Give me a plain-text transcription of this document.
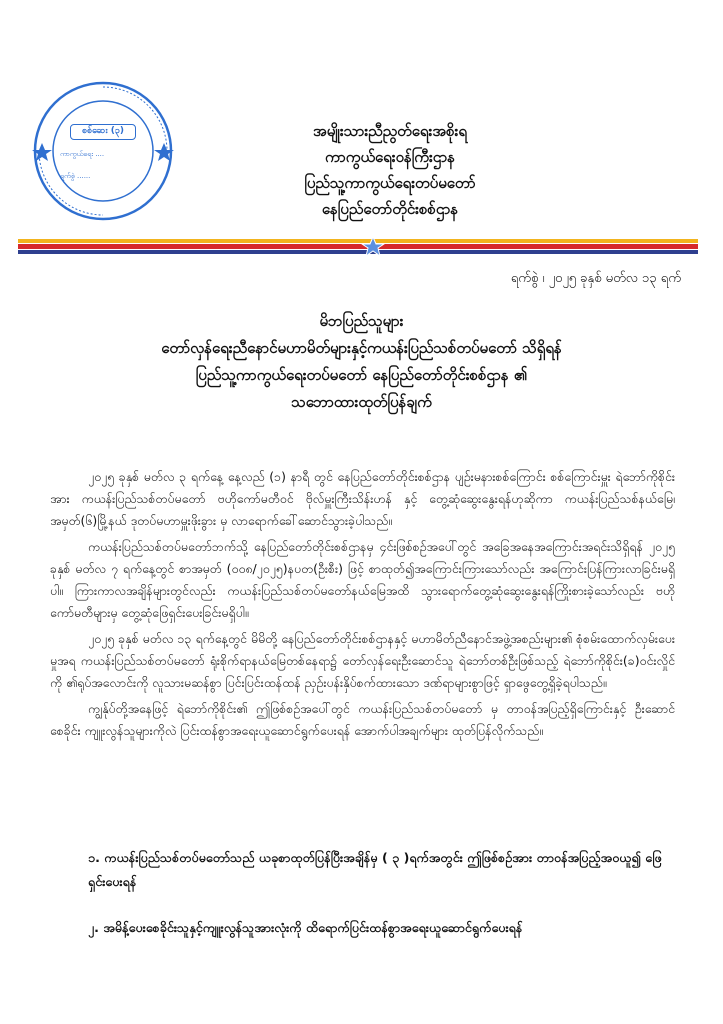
စစ်ဆေး (၃)
ကာကွယ်ရေး ....
ရက်စွဲ ......
အမျိုးသားညီညွတ်ရေးအစိုးရ
ကာကွယ်ရေးဝန်ကြီးဌာန
ပြည်သူ့ကာကွယ်ရေးတပ်မတော်
နေပြည်တော်တိုင်းစစ်ဌာန
ရက်စွဲ ၊ ၂၀၂၅ ခုနှစ် မတ်လ ၁၃ ရက်
မိဘပြည်သူများ
တော်လှန်ရေးညီနောင်မဟာမိတ်များနှင့်ကယန်းပြည်သစ်တပ်မတော် သိရှိရန်
ပြည်သူ့ကာကွယ်ရေးတပ်မတော် နေပြည်တော်တိုင်းစစ်ဌာန ၏
သဘောထားထုတ်ပြန်ချက်

၂၀၂၅ ခုနှစ် မတ်လ ၃ ရက်နေ့ နေ့လည် (၁) နာရီ တွင် နေပြည်တော်တိုင်းစစ်ဌာန ပျဉ်းမနားစစ်ကြောင်း စစ်ကြောင်းမှူး ရဲဘော်ကိုစိုင်း အား ကယန်းပြည်သစ်တပ်မတော် ဗဟိုကော်မတီဝင် ဗိုလ်မှူးကြီးသိန်းဟန် နှင့် တွေ့ဆုံဆွေးနွေးရန်ဟုဆိုကာ ကယန်းပြည်သစ်နယ်မြေ၊ အမှတ်(၆)မြို့နယ် ဒုတပ်မဟာမှူးဖိုးခွား မှ လာရောက်ခေါ်ဆောင်သွားခဲ့ပါသည်။

ကယန်းပြည်သစ်တပ်မတော်ဘက်သို့ နေပြည်တော်တိုင်းစစ်ဌာနမှ ၄င်းဖြစ်စဉ်အပေါ်တွင် အခြေအနေအကြောင်းအရင်းသိရှိရန် ၂၀၂၅ ခုနှစ် မတ်လ ၇ ရက်နေ့တွင် စာအမှတ် (၀၀၈/၂၀၂၅)နပတ(ဦးစီး) ဖြင့် စာထုတ်၍အကြောင်းကြားသော်လည်း အကြောင်းပြန်ကြားလာခြင်းမရှိပါ။ ကြားကာလအချိန်များတွင်လည်း ကယန်းပြည်သစ်တပ်မတော်နယ်မြေအထိ သွားရောက်တွေ့ဆုံဆွေးနွေးရန်ကြိုးစားခဲ့သော်လည်း ဗဟိုကော်မတီများမှ တွေ့ဆုံဖြေရှင်းပေးခြင်းမရှိပါ။

၂၀၂၅ ခုနှစ် မတ်လ ၁၃ ရက်နေ့တွင် မိမိတို့ နေပြည်တော်တိုင်းစစ်ဌာနနှင့် မဟာမိတ်ညီနောင်အဖွဲ့အစည်းများ၏ စုံစမ်းထောက်လှမ်းပေးမှုအရ ကယန်းပြည်သစ်တပ်မတော် ရုံးစိုက်ရာနယ်မြေတစ်နေရာ၌ တော်လှန်ရေးဦးဆောင်သူ ရဲဘော်တစ်ဦးဖြစ်သည့် ရဲဘော်ကိုစိုင်း(ခ)ဝင်းလှိုင်ကို ၏ရုပ်အလောင်းကို လူသားမဆန်စွာ ပြင်းပြင်းထန်ထန် ညှဉ်းပန်းနှိပ်စက်ထားသော ဒဏ်ရာများစွာဖြင့် ရှာဖွေတွေ့ရှိခဲ့ရပါသည်။

ကျွန်ုပ်တို့အနေဖြင့် ရဲဘော်ကိုစိုင်း၏ ဤဖြစ်စဉ်အပေါ်တွင် ကယန်းပြည်သစ်တပ်မတော် မှ တာဝန်အပြည့်ရှိကြောင်းနှင့် ဦးဆောင်စေခိုင်း ကျူးလွန်သူများကိုလဲ ပြင်းထန်စွာအရေးယူဆောင်ရွက်ပေးရန် အောက်ပါအချက်များ ထုတ်ပြန်လိုက်သည်။

၁. ကယန်းပြည်သစ်တပ်မတော်သည် ယခုစာထုတ်ပြန်ပြီးအချိန်မှ ( ၃ )ရက်အတွင်း ဤဖြစ်စဉ်အား တာဝန်အပြည့်အဝယူ၍ ဖြေရှင်းပေးရန်
၂. အမိန့်ပေးစေခိုင်းသူနှင့်ကျူးလွန်သူအားလုံးကို ထိရောက်ပြင်းထန်စွာအရေးယူဆောင်ရွက်ပေးရန်
